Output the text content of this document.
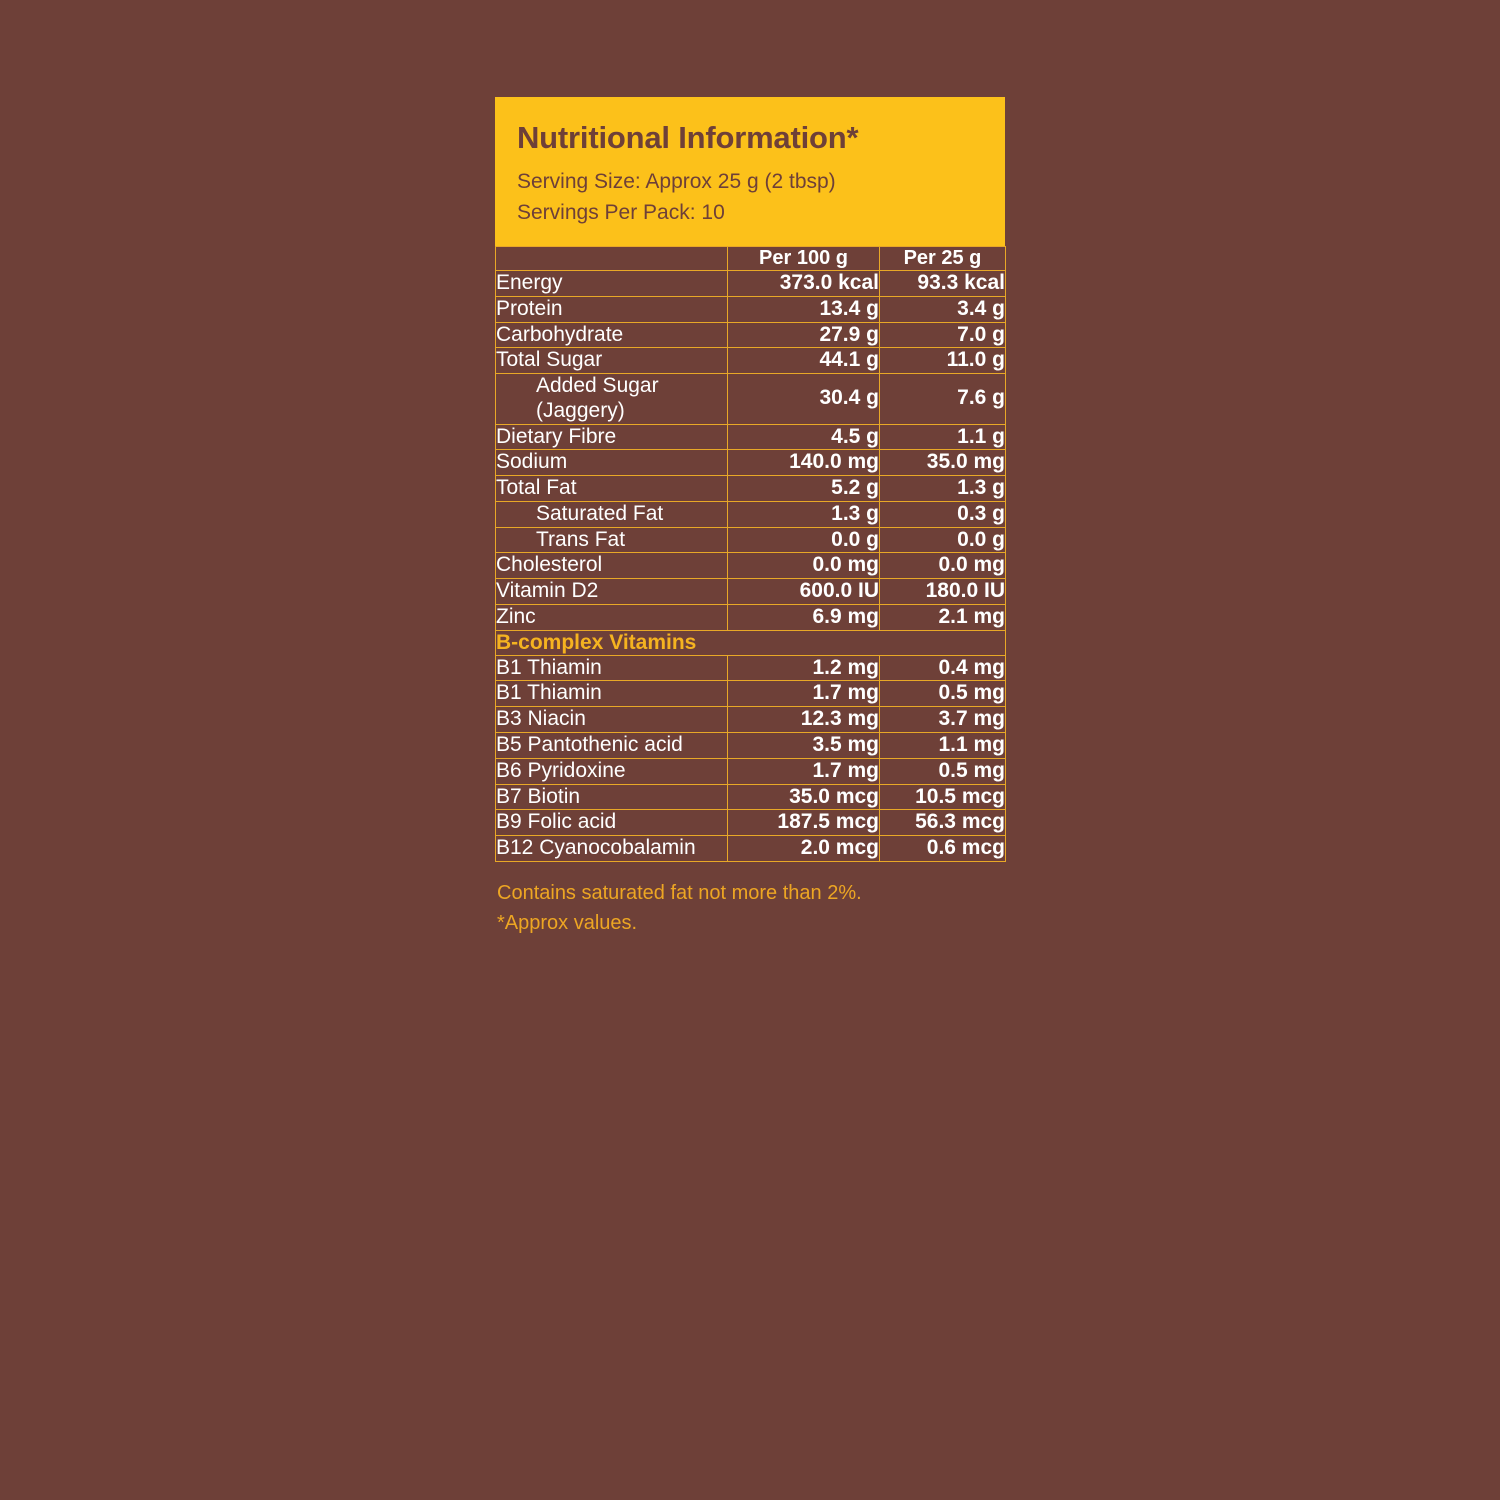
Nutritional Information*
Serving Size: Approx 25 g (2 tbsp)
Servings Per Pack: 10
	Per 100 g	Per 25 g
Energy	373.0 kcal	93.3 kcal
Protein	13.4 g	3.4 g
Carbohydrate	27.9 g	7.0 g
Total Sugar	44.1 g	11.0 g
Added Sugar (Jaggery)	30.4 g	7.6 g
Dietary Fibre	4.5 g	1.1 g
Sodium	140.0 mg	35.0 mg
Total Fat	5.2 g	1.3 g
Saturated Fat	1.3 g	0.3 g
Trans Fat	0.0 g	0.0 g
Cholesterol	0.0 mg	0.0 mg
Vitamin D2	600.0 IU	180.0 IU
Zinc	6.9 mg	2.1 mg
B-complex Vitamins		
B1 Thiamin	1.2 mg	0.4 mg
B1 Thiamin	1.7 mg	0.5 mg
B3 Niacin	12.3 mg	3.7 mg
B5 Pantothenic acid	3.5 mg	1.1 mg
B6 Pyridoxine	1.7 mg	0.5 mg
B7 Biotin	35.0 mcg	10.5 mcg
B9 Folic acid	187.5 mcg	56.3 mcg
B12 Cyanocobalamin	2.0 mcg	0.6 mcg

Contains saturated fat not more than 2%.

*Approx values.
